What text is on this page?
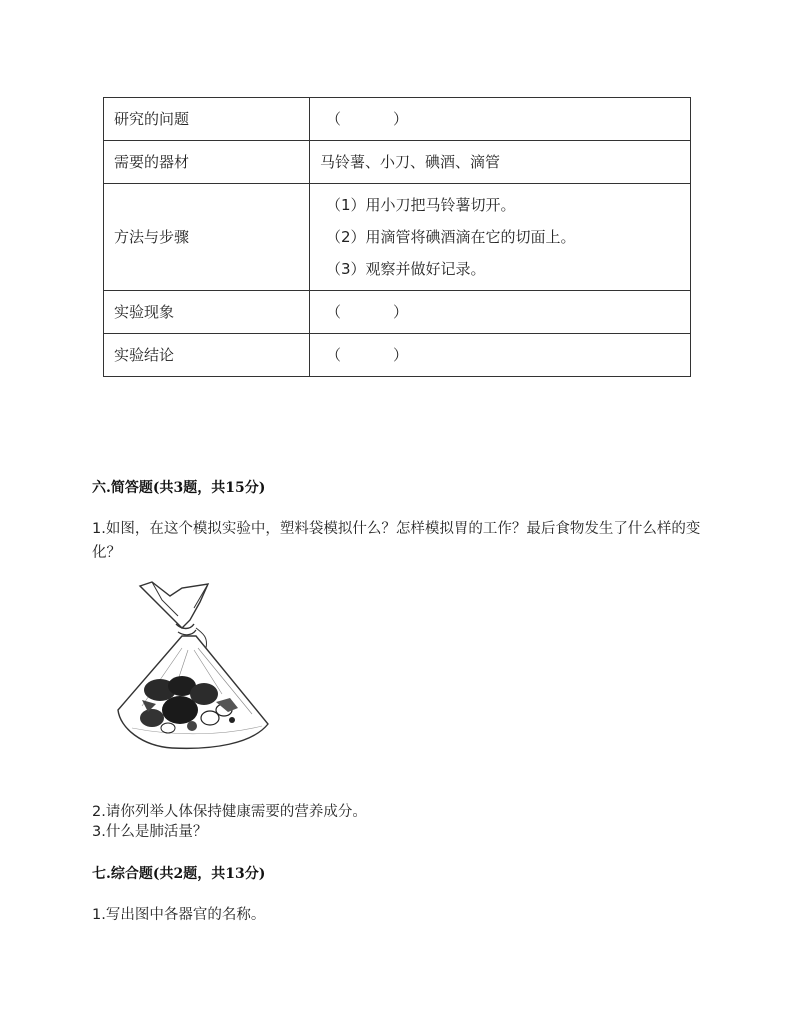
研究的问题	（ ）
需要的器材	马铃薯、小刀、碘酒、滴管
方法与步骤	（1）用小刀把马铃薯切开。

（2）用滴管将碘酒滴在它的切面上。

（3）观察并做好记录。

实验现象	（ ）
实验结论	（ ）
六.简答题(共3题，共15分)
1.如图，在这个模拟实验中，塑料袋模拟什么？怎样模拟胃的工作？最后食物发生了什么样的变化？
2.请你列举人体保持健康需要的营养成分。
3.什么是肺活量？
七.综合题(共2题，共13分)
1.写出图中各器官的名称。
